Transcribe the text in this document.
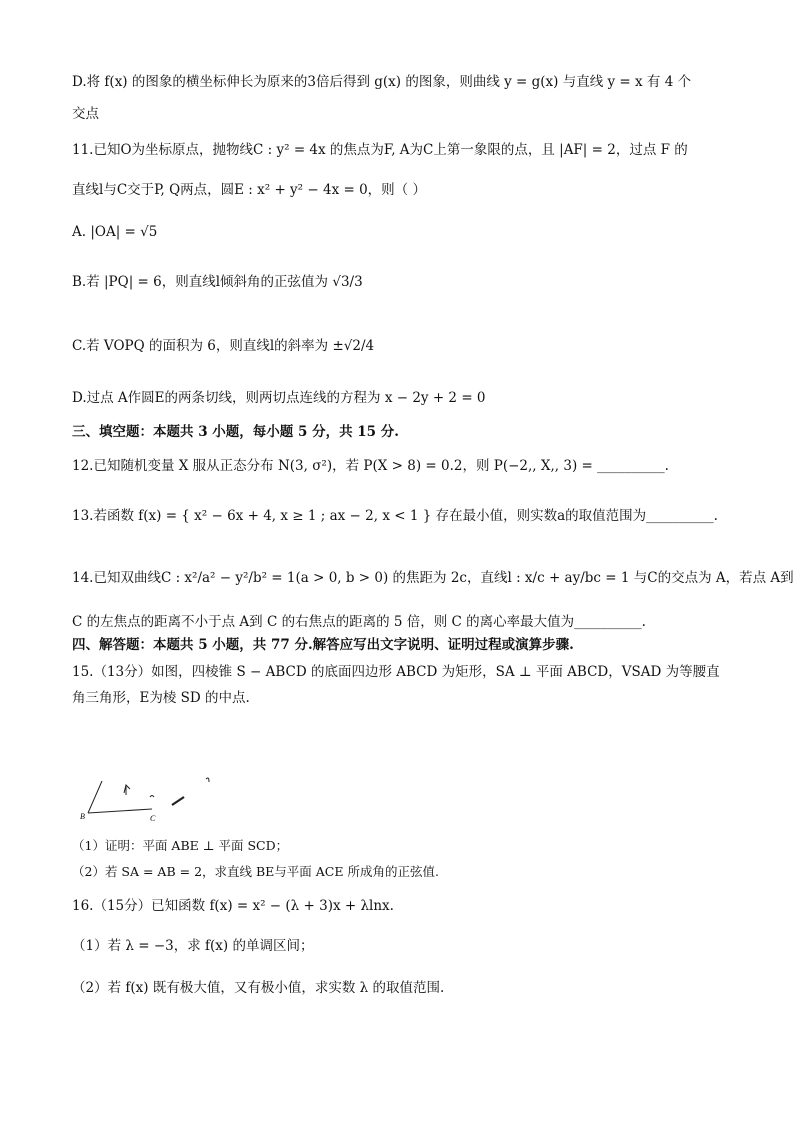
D.将 f(x) 的图象的横坐标伸长为原来的3倍后得到 g(x) 的图象，则曲线 y = g(x) 与直线 y = x 有 4 个
交点
11.已知O为坐标原点，抛物线C : y² = 4x 的焦点为F, A为C上第一象限的点，且 |AF| = 2，过点 F 的
直线l与C交于P, Q两点，圆E : x² + y² − 4x = 0，则（ ）
A. |OA| = √5
B.若 |PQ| = 6，则直线l倾斜角的正弦值为 √3/3
C.若 VOPQ 的面积为 6，则直线l的斜率为 ±√2/4
D.过点 A作圆E的两条切线，则两切点连线的方程为 x − 2y + 2 = 0
三、填空题：本题共 3 小题，每小题 5 分，共 15 分.
12.已知随机变量 X 服从正态分布 N(3, σ²)，若 P(X > 8) = 0.2，则 P(−2,, X,, 3) = __________.
13.若函数 f(x) = { x² − 6x + 4, x ≥ 1 ; ax − 2, x < 1 } 存在最小值，则实数a的取值范围为__________.
14.已知双曲线C : x²/a² − y²/b² = 1(a > 0, b > 0) 的焦距为 2c，直线l : x/c + ay/bc = 1 与C的交点为 A，若点 A到
C 的左焦点的距离不小于点 A到 C 的右焦点的距离的 5 倍，则 C 的离心率最大值为__________.
四、解答题：本题共 5 小题，共 77 分.解答应写出文字说明、证明过程或演算步骤.
15.（13分）如图，四棱锥 S − ABCD 的底面四边形 ABCD 为矩形，SA ⊥ 平面 ABCD，VSAD 为等腰直
角三角形，E为棱 SD 的中点.
B	C
（1）证明：平面 ABE ⊥ 平面 SCD；
（2）若 SA = AB = 2，求直线 BE与平面 ACE 所成角的正弦值.
16.（15分）已知函数 f(x) = x² − (λ + 3)x + λlnx.
（1）若 λ = −3，求 f(x) 的单调区间；
（2）若 f(x) 既有极大值，又有极小值，求实数 λ 的取值范围.
